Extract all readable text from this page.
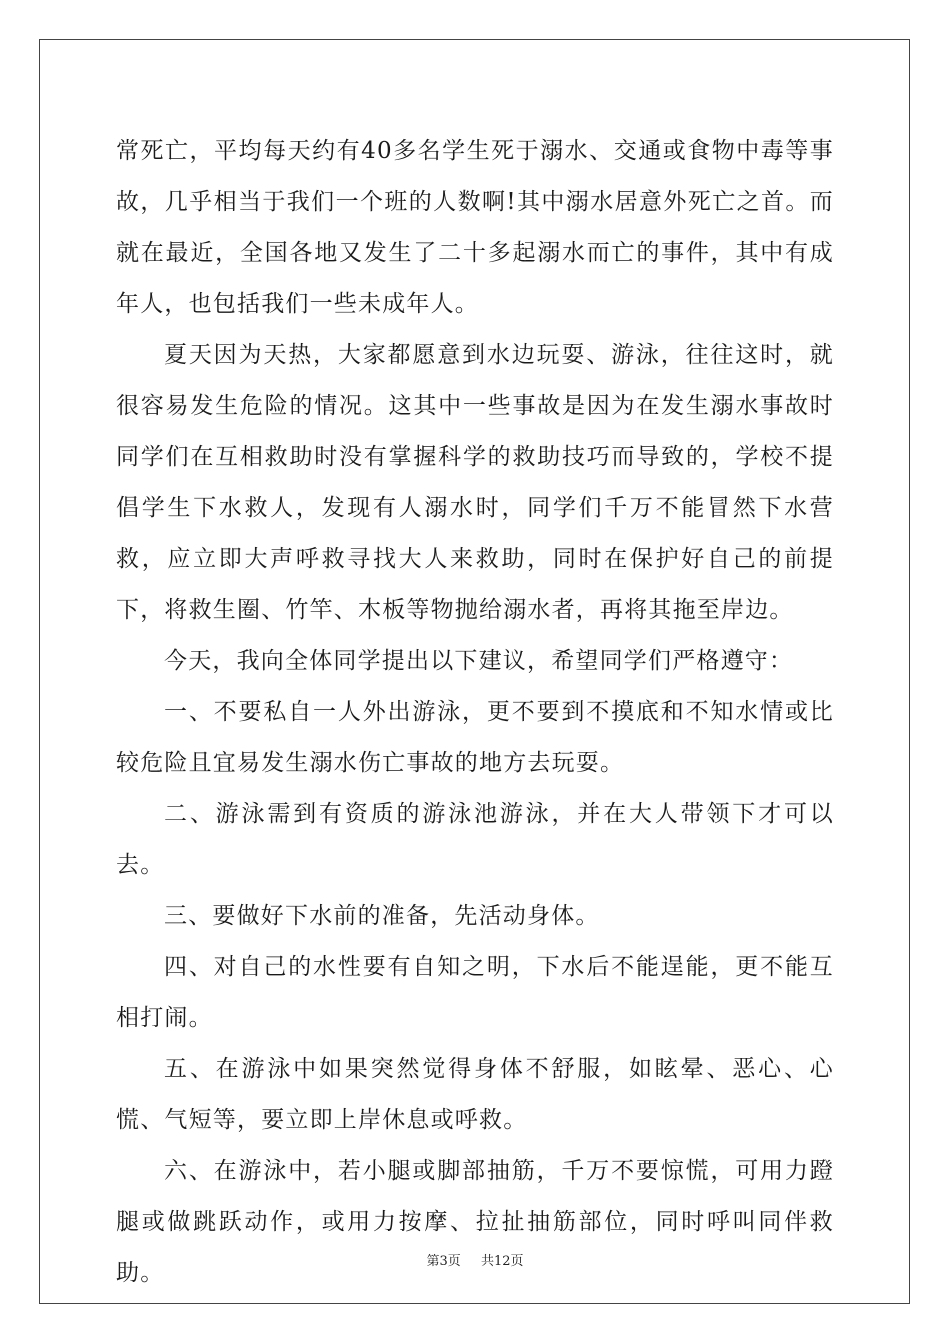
常死亡，平均每天约有40多名学生死于溺水、交通或食物中毒等事故，几乎相当于我们一个班的人数啊!其中溺水居意外死亡之首。而就在最近，全国各地又发生了二十多起溺水而亡的事件，其中有成年人，也包括我们一些未成年人。

夏天因为天热，大家都愿意到水边玩耍、游泳，往往这时，就很容易发生危险的情况。这其中一些事故是因为在发生溺水事故时同学们在互相救助时没有掌握科学的救助技巧而导致的，学校不提倡学生下水救人，发现有人溺水时，同学们千万不能冒然下水营救，应立即大声呼救寻找大人来救助，同时在保护好自己的前提下，将救生圈、竹竿、木板等物抛给溺水者，再将其拖至岸边。

今天，我向全体同学提出以下建议，希望同学们严格遵守：

一、不要私自一人外出游泳，更不要到不摸底和不知水情或比较危险且宜易发生溺水伤亡事故的地方去玩耍。

二、游泳需到有资质的游泳池游泳，并在大人带领下才可以去。

三、要做好下水前的准备，先活动身体。

四、对自己的水性要有自知之明，下水后不能逞能，更不能互相打闹。

五、在游泳中如果突然觉得身体不舒服，如眩晕、恶心、心慌、气短等，要立即上岸休息或呼救。

六、在游泳中，若小腿或脚部抽筋，千万不要惊慌，可用力蹬腿或做跳跃动作，或用力按摩、拉扯抽筋部位，同时呼叫同伴救助。	第3页 共12页
